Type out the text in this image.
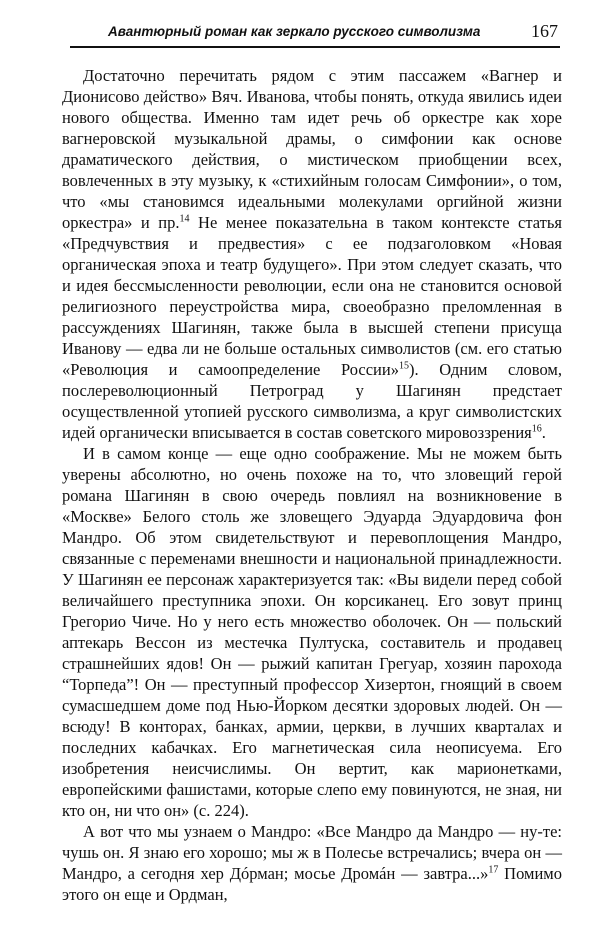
Авантюрный роман как зеркало русского символизма	167

Достаточно перечитать рядом с этим пассажем «Вагнер и Дионисово действо» Вяч. Иванова, чтобы понять, откуда явились идеи нового общества. Именно там идет речь об оркестре как хоре вагнеровской музыкальной драмы, о симфонии как основе драматического действия, о мистическом приобщении всех, вовлеченных в эту музыку, к «стихийным голосам Симфонии», о том, что «мы становимся идеальными молекулами оргийной жизни оркестра» и пр.$^{14}$ Не менее показательна в таком контексте статья «Предчувствия и предвестия» с ее подзаголовком «Новая органическая эпоха и театр будущего». При этом следует сказать, что и идея бессмысленности революции, если она не становится основой религиозного переустройства мира, своеобразно преломленная в рассуждениях Шагинян, также была в высшей степени присуща Иванову — едва ли не больше остальных символистов (см. его статью «Революция и самоопределение России»$^{15}$). Одним словом, послереволюционный Петроград у Шагинян предстает осуществленной утопией русского символизма, а круг символистских идей органически вписывается в состав советского мировоззрения$^{16}$.

И в самом конце — еще одно соображение. Мы не можем быть уверены абсолютно, но очень похоже на то, что зловещий герой романа Шагинян в свою очередь повлиял на возникновение в «Москве» Белого столь же зловещего Эдуарда Эдуардовича фон Мандро. Об этом свидетельствуют и перевоплощения Мандро, связанные с переменами внешности и национальной принадлежности. У Шагинян ее персонаж характеризуется так: «Вы видели перед собой величайшего преступника эпохи. Он корсиканец. Его зовут принц Грегорио Чиче. Но у него есть множество оболочек. Он — польский аптекарь Вессон из местечка Пултуска, составитель и продавец страшнейших ядов! Он — рыжий капитан Грегуар, хозяин парохода “Торпеда”! Он — преступный профессор Хизертон, гноящий в своем сумасшедшем доме под Нью-Йорком десятки здоровых людей. Он — всюду! В конторах, банках, армии, церкви, в лучших кварталах и последних кабачках. Его магнетическая сила неописуема. Его изобретения неисчислимы. Он вертит, как марионетками, европейскими фашистами, которые слепо ему повинуются, не зная, ни кто он, ни что он» (с. 224).

А вот что мы узнаем о Мандро: «Все Мандро да Мандро — ну-те: чушь он. Я знаю его хорошо; мы ж в Полесье встречались; вчера он — Мандро, а сегодня хер Дóрман; мосье Дромáн — завтра...»$^{17}$ Помимо этого он еще и Ордман,
